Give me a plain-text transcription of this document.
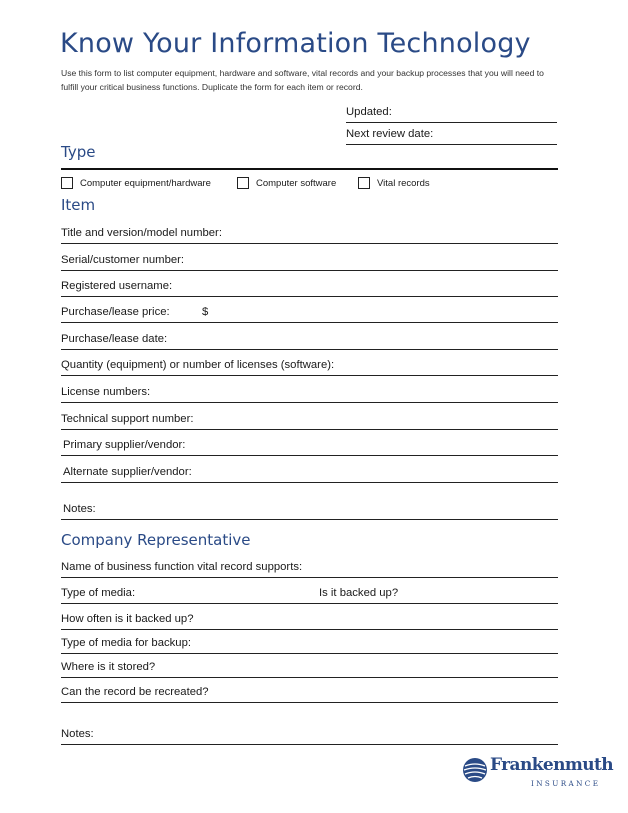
Know Your Information Technology
Use this form to list computer equipment, hardware and software, vital records and your backup processes that you will need to fulfill your critical business functions. Duplicate the form for each item or record.
Updated:
Next review date:
Type
Computer equipment/hardware	Computer software	Vital records
Item
Title and version/model number:
Serial/customer number:
Registered username:
Purchase/lease price:	$
Purchase/lease date:
Quantity (equipment) or number of licenses (software):
License numbers:
Technical support number:
Primary supplier/vendor:
Alternate supplier/vendor:
Notes:
Company Representative
Name of business function vital record supports:
Type of media:	Is it backed up?
How often is it backed up?
Type of media for backup:
Where is it stored?
Can the record be recreated?
Notes:
Frankenmuth
INSURANCE
